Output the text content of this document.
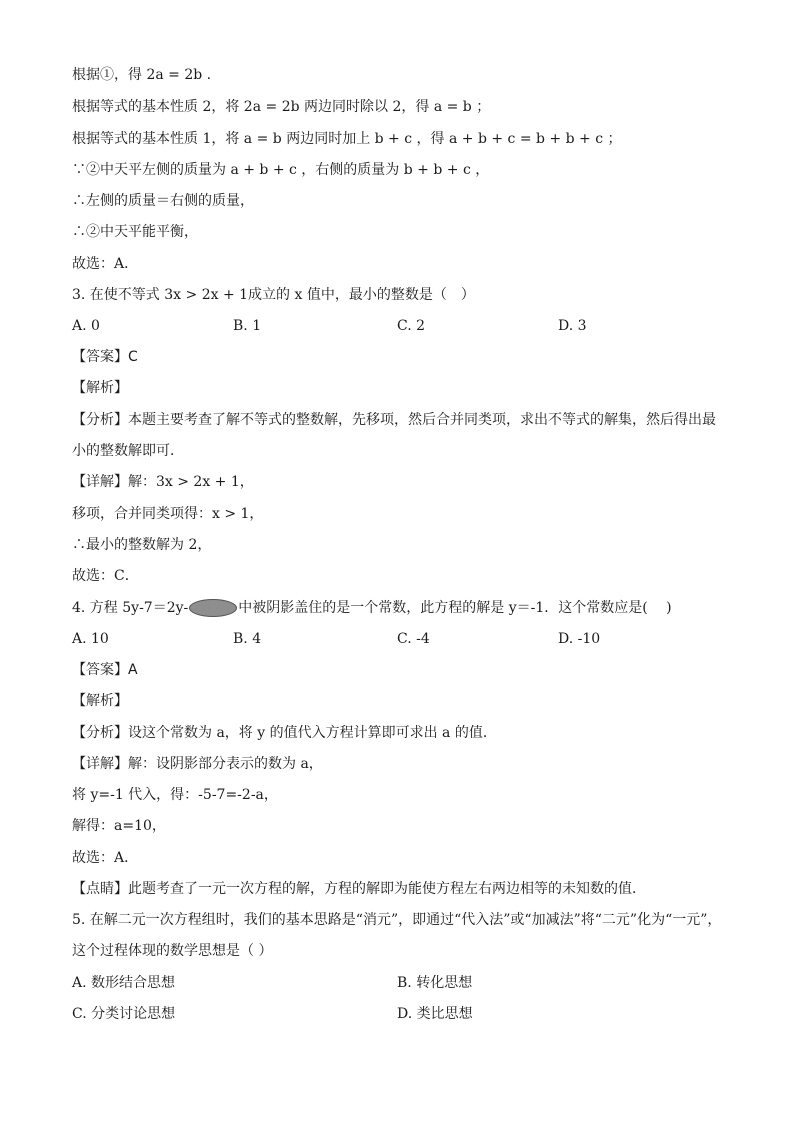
根据①，得 2a = 2b .
根据等式的基本性质 2，将 2a = 2b 两边同时除以 2，得 a = b ；
根据等式的基本性质 1，将 a = b 两边同时加上 b + c ，得 a + b + c = b + b + c ；
∵②中天平左侧的质量为 a + b + c ，右侧的质量为 b + b + c ，
∴左侧的质量＝右侧的质量，
∴②中天平能平衡，
故选：A．
3. 在使不等式 3x > 2x + 1成立的 x 值中，最小的整数是（　）
A. 0	B. 1	C. 2	D. 3
【答案】C
【解析】
【分析】本题主要考查了解不等式的整数解，先移项，然后合并同类项，求出不等式的解集，然后得出最
小的整数解即可．
【详解】解：3x > 2x + 1，
移项，合并同类项得：x > 1，
∴最小的整数解为 2，
故选：C．
4. 方程 5y-7＝2y-	中被阴影盖住的是一个常数，此方程的解是 y＝-1．这个常数应是(　 )
A. 10	B. 4	C. -4	D. -10
【答案】A
【解析】
【分析】设这个常数为 a，将 y 的值代入方程计算即可求出 a 的值．
【详解】解：设阴影部分表示的数为 a，
将 y=-1 代入，得：-5-7=-2-a，
解得：a=10，
故选：A．
【点睛】此题考查了一元一次方程的解，方程的解即为能使方程左右两边相等的未知数的值．
5. 在解二元一次方程组时，我们的基本思路是“消元”，即通过“代入法”或“加减法”将“二元”化为“一元”，
这个过程体现的数学思想是（ ）
A. 数形结合思想	B. 转化思想
C. 分类讨论思想	D. 类比思想
